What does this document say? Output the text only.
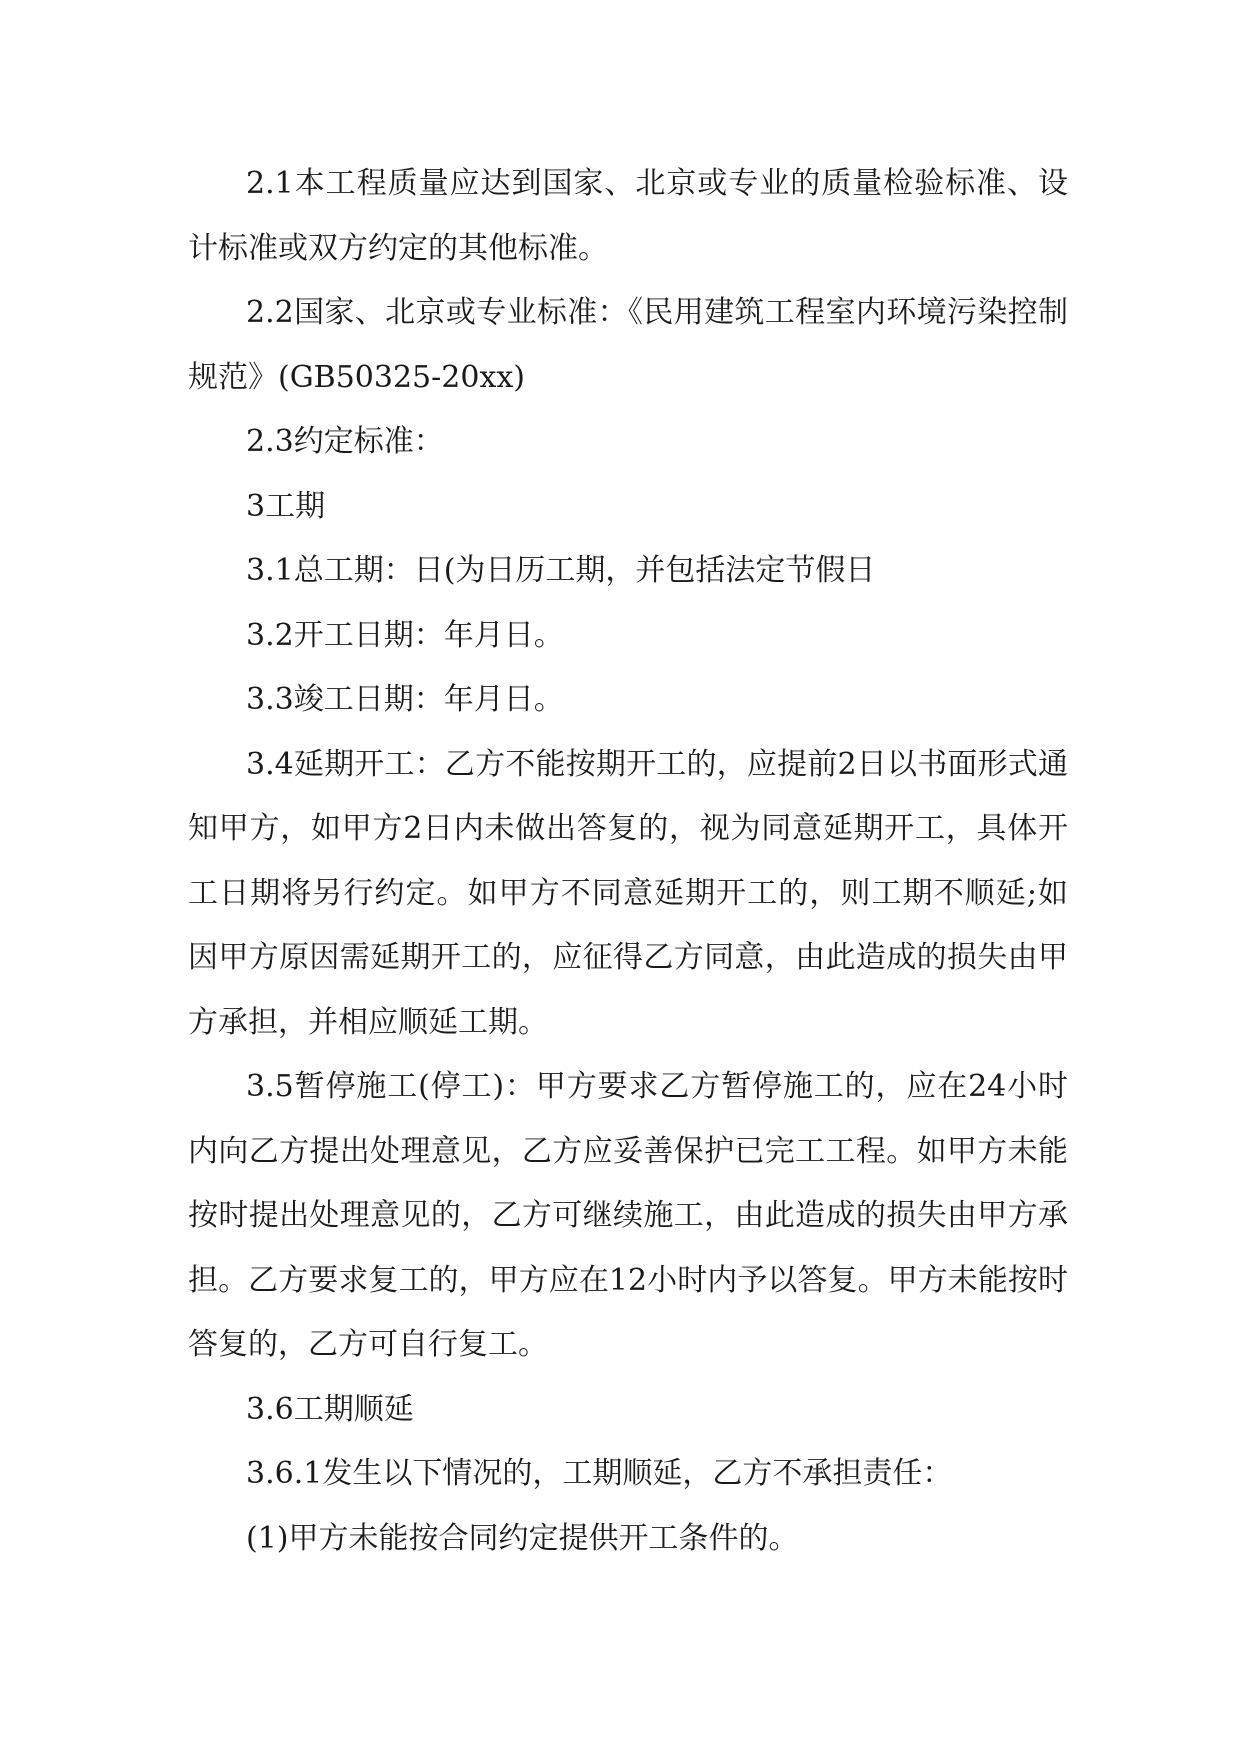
2.1本工程质量应达到国家、北京或专业的质量检验标准、设计标准或双方约定的其他标准。

2.2国家、北京或专业标准：《民用建筑工程室内环境污染控制规范》(GB50325-20xx)

2.3约定标准：

3工期

3.1总工期：日(为日历工期，并包括法定节假日

3.2开工日期：年月日。

3.3竣工日期：年月日。

3.4延期开工：乙方不能按期开工的，应提前2日以书面形式通知甲方，如甲方2日内未做出答复的，视为同意延期开工，具体开工日期将另行约定。如甲方不同意延期开工的，则工期不顺延;如因甲方原因需延期开工的，应征得乙方同意，由此造成的损失由甲方承担，并相应顺延工期。

3.5暂停施工(停工)：甲方要求乙方暂停施工的，应在24小时内向乙方提出处理意见，乙方应妥善保护已完工工程。如甲方未能按时提出处理意见的，乙方可继续施工，由此造成的损失由甲方承担。乙方要求复工的，甲方应在12小时内予以答复。甲方未能按时答复的，乙方可自行复工。

3.6工期顺延

3.6.1发生以下情况的，工期顺延，乙方不承担责任：

(1)甲方未能按合同约定提供开工条件的。
